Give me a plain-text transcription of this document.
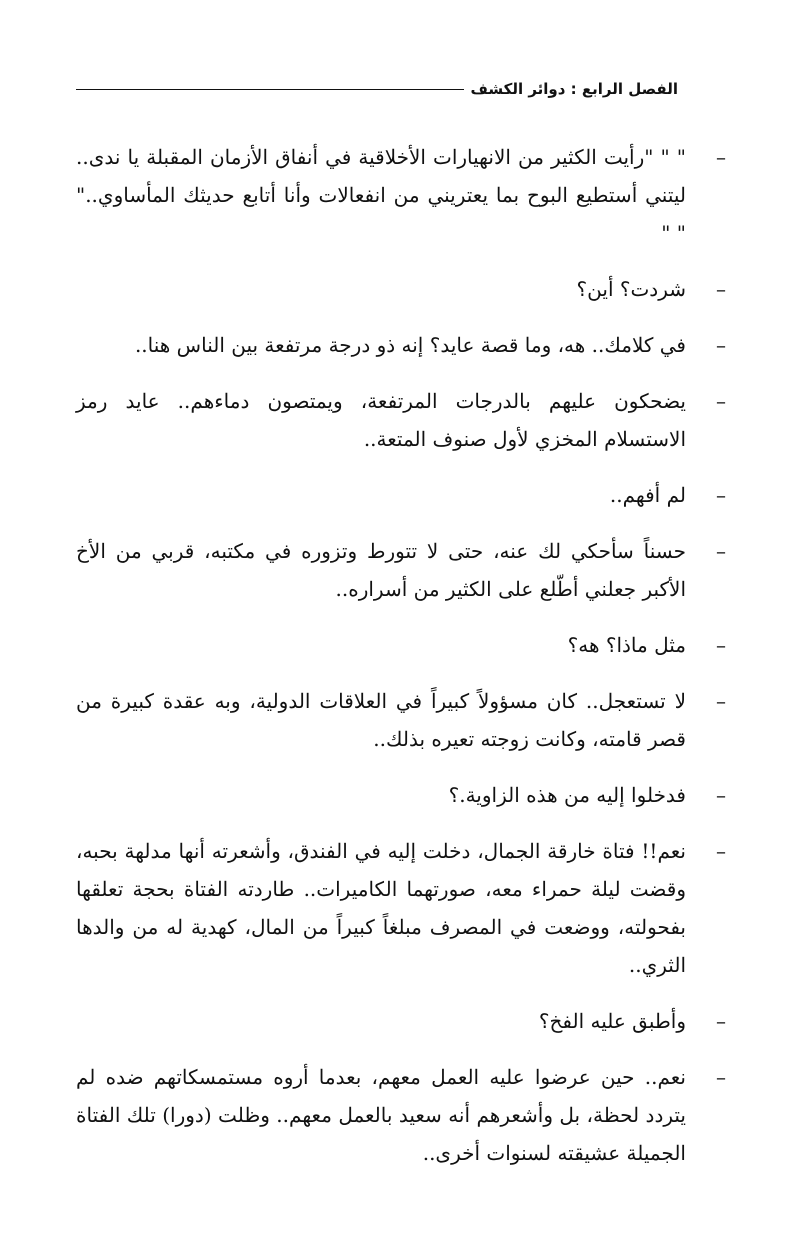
الفصل الرابع : دوائر الكشف

–
" " "رأيت الكثير من الانهيارات الأخلاقية في أنفاق الأزمان المقبلة يا ندى.. ليتني أستطيع البوح بما يعتريني من انفعالات وأنا أتابع حديثك المأساوي.." " "

–
شردت؟ أين؟

–
في كلامك.. هه، وما قصة عايد؟ إنه ذو درجة مرتفعة بين الناس هنا..

–
يضحكون عليهم بالدرجات المرتفعة، ويمتصون دماءهم.. عايد رمز الاستسلام المخزي لأول صنوف المتعة..

–
لم أفهم..

–
حسناً سأحكي لك عنه، حتى لا تتورط وتزوره في مكتبه، قربي من الأخ الأكبر جعلني أطّلع على الكثير من أسراره..

–
مثل ماذا؟ هه؟

–
لا تستعجل.. كان مسؤولاً كبيراً في العلاقات الدولية، وبه عقدة كبيرة من قصر قامته، وكانت زوجته تعيره بذلك..

–
فدخلوا إليه من هذه الزاوية.؟

–
نعم!! فتاة خارقة الجمال، دخلت إليه في الفندق، وأشعرته أنها مدلهة بحبه، وقضت ليلة حمراء معه، صورتهما الكاميرات.. طاردته الفتاة بحجة تعلقها بفحولته، ووضعت في المصرف مبلغاً كبيراً من المال، كهدية له من والدها الثري..

–
وأطبق عليه الفخ؟

–
نعم.. حين عرضوا عليه العمل معهم، بعدما أروه مستمسكاتهم ضده لم يتردد لحظة، بل وأشعرهم أنه سعيد بالعمل معهم.. وظلت (دورا) تلك الفتاة الجميلة عشيقته لسنوات أخرى..
